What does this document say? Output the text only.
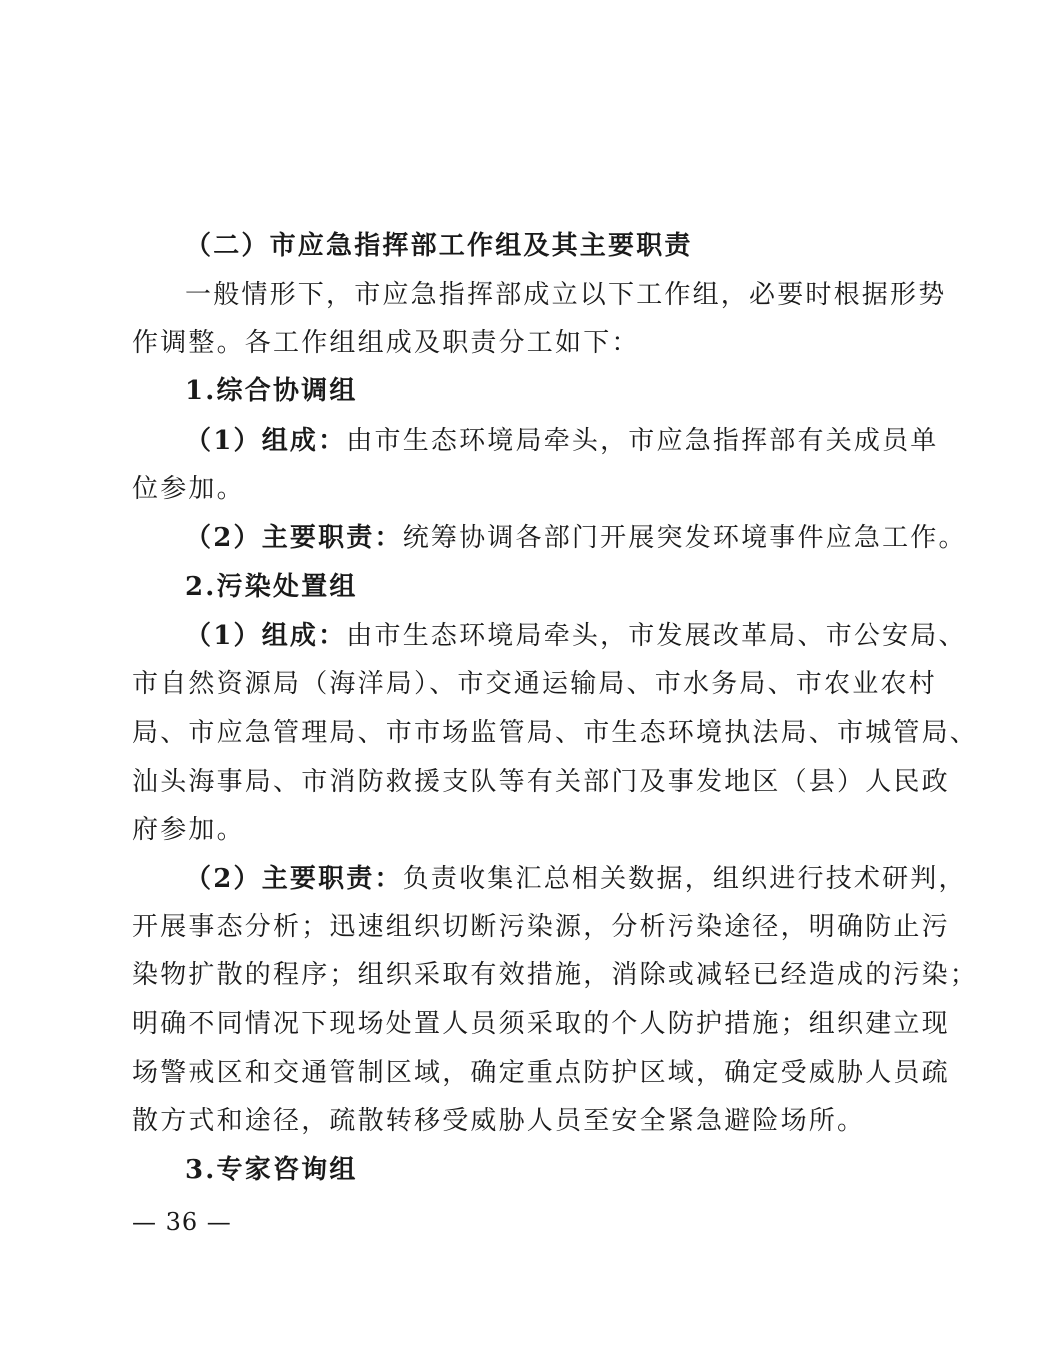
（二）市应急指挥部工作组及其主要职责
一般情形下，市应急指挥部成立以下工作组，必要时根据形势
作调整。各工作组组成及职责分工如下：
1.综合协调组
（1）组成：由市生态环境局牵头，市应急指挥部有关成员单
位参加。
（2）主要职责：统筹协调各部门开展突发环境事件应急工作。
2.污染处置组
（1）组成：由市生态环境局牵头，市发展改革局、市公安局、
市自然资源局（海洋局）、市交通运输局、市水务局、市农业农村
局、市应急管理局、市市场监管局、市生态环境执法局、市城管局、
汕头海事局、市消防救援支队等有关部门及事发地区（县）人民政
府参加。
（2）主要职责：负责收集汇总相关数据，组织进行技术研判，
开展事态分析；迅速组织切断污染源，分析污染途径，明确防止污
染物扩散的程序；组织采取有效措施，消除或减轻已经造成的污染；
明确不同情况下现场处置人员须采取的个人防护措施；组织建立现
场警戒区和交通管制区域，确定重点防护区域，确定受威胁人员疏
散方式和途径，疏散转移受威胁人员至安全紧急避险场所。
3.专家咨询组
— 36 —
